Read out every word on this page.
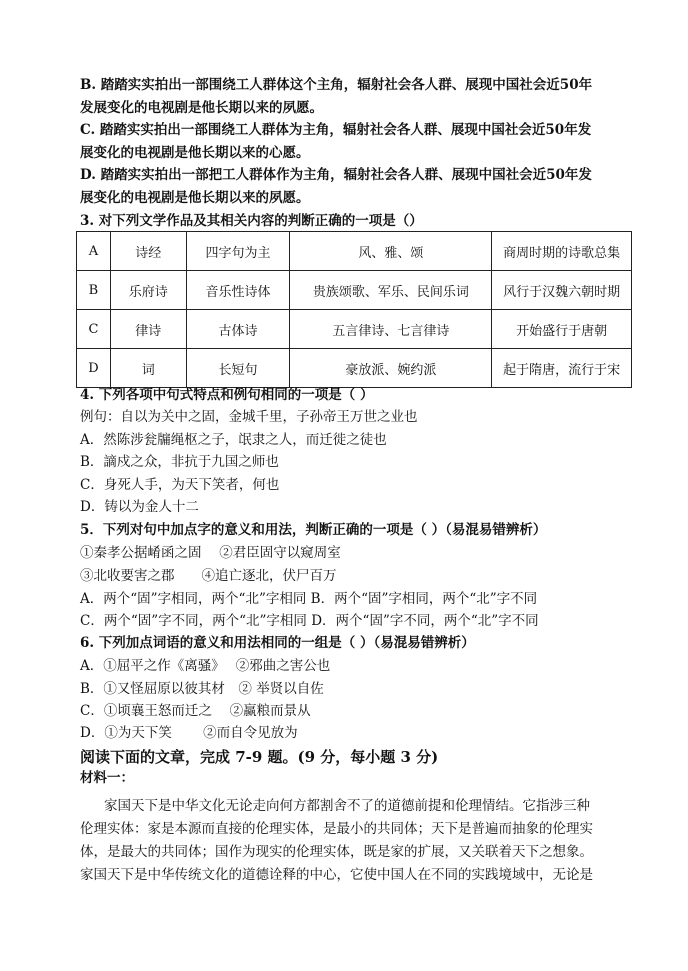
B. 踏踏实实拍出一部围绕工人群体这个主角，辐射社会各人群、展现中国社会近50年
发展变化的电视剧是他长期以来的夙愿。
C. 踏踏实实拍出一部围绕工人群体为主角，辐射社会各人群、展现中国社会近50年发
展变化的电视剧是他长期以来的心愿。
D. 踏踏实实拍出一部把工人群体作为主角，辐射社会各人群、展现中国社会近50年发
展变化的电视剧是他长期以来的夙愿。
3. 对下列文学作品及其相关内容的判断正确的一项是（）
A	诗经	四字句为主	风、雅、颂	商周时期的诗歌总集
B	乐府诗	音乐性诗体	贵族颂歌、军乐、民间乐词	风行于汉魏六朝时期
C	律诗	古体诗	五言律诗、七言律诗	开始盛行于唐朝
D	词	长短句	豪放派、婉约派	起于隋唐，流行于宋
4. 下列各项中句式特点和例句相同的一项是（ ）
例句：自以为关中之固，金城千里，子孙帝王万世之业也
A．然陈涉瓮牖绳枢之子，氓隶之人，而迁徙之徒也
B．謫戍之众，非抗于九国之师也
C．身死人手，为天下笑者，何也
D．铸以为金人十二
5．下列对句中加点字的意义和用法，判断正确的一项是（ ）（易混易错辨析）
①秦孝公据崤函之固　 ②君臣固守以窥周室
③北收要害之郡　　④追亡逐北，伏尸百万
A．两个“固”字相同，两个“北”字相同 B．两个“固”字相同，两个“北”字不同
C．两个“固”字不同，两个“北”字相同 D．两个“固”字不同，两个“北”字不同
6. 下列加点词语的意义和用法相同的一组是（ ）（易混易错辨析）
A．①屈平之作《离骚》　 ②邪曲之害公也
B．①又怪屈原以彼其材　② 举贤以自佐
C．①顷襄王怒而迁之　 ②赢粮而景从
D．①为天下笑　　 ②而自令见放为
阅读下面的文章，完成 7-9 题。(9 分，每小题 3 分)
材料一：
家国天下是中华文化无论走向何方都割舍不了的道德前提和伦理情结。它指涉三种
伦理实体：家是本源而直接的伦理实体，是最小的共同体；天下是普遍而抽象的伦理实
体，是最大的共同体；国作为现实的伦理实体，既是家的扩展，又关联着天下之想象。
家国天下是中华传统文化的道德诠释的中心，它使中国人在不同的实践境域中，无论是
